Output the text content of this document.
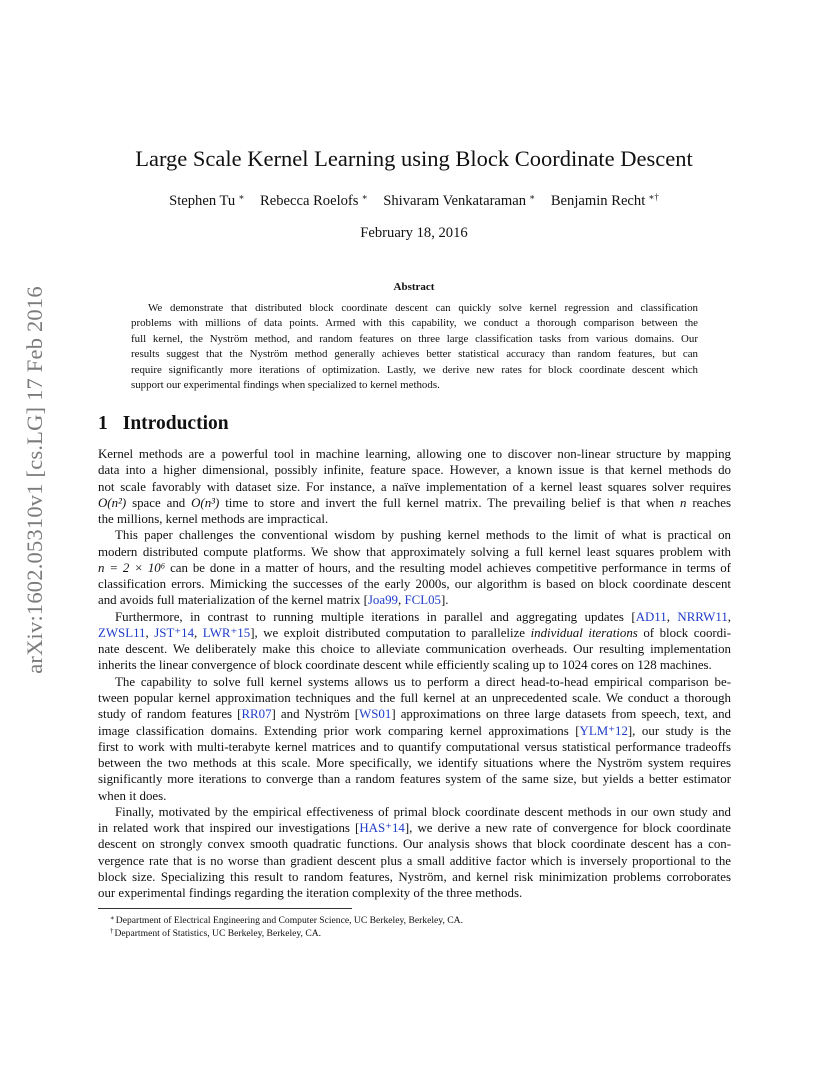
arXiv:1602.05310v1 [cs.LG] 17 Feb 2016
Large Scale Kernel Learning using Block Coordinate Descent
Stephen Tu ∗ Rebecca Roelofs ∗ Shivaram Venkataraman ∗ Benjamin Recht ∗†
February 18, 2016
Abstract
We demonstrate that distributed block coordinate descent can quickly solve kernel regression and classification
problems with millions of data points. Armed with this capability, we conduct a thorough comparison between the
full kernel, the Nyström method, and random features on three large classification tasks from various domains. Our
results suggest that the Nyström method generally achieves better statistical accuracy than random features, but can
require significantly more iterations of optimization. Lastly, we derive new rates for block coordinate descent which
support our experimental findings when specialized to kernel methods.
1 Introduction
Kernel methods are a powerful tool in machine learning, allowing one to discover non-linear structure by mapping
data into a higher dimensional, possibly infinite, feature space. However, a known issue is that kernel methods do
not scale favorably with dataset size. For instance, a naïve implementation of a kernel least squares solver requires
O(n²) space and O(n³) time to store and invert the full kernel matrix. The prevailing belief is that when n reaches
the millions, kernel methods are impractical.
This paper challenges the conventional wisdom by pushing kernel methods to the limit of what is practical on
modern distributed compute platforms. We show that approximately solving a full kernel least squares problem with
n = 2 × 10⁶ can be done in a matter of hours, and the resulting model achieves competitive performance in terms of
classification errors. Mimicking the successes of the early 2000s, our algorithm is based on block coordinate descent
and avoids full materialization of the kernel matrix [Joa99, FCL05].
Furthermore, in contrast to running multiple iterations in parallel and aggregating updates [AD11, NRRW11,
ZWSL11, JST⁺14, LWR⁺15], we exploit distributed computation to parallelize individual iterations of block coordi-
nate descent. We deliberately make this choice to alleviate communication overheads. Our resulting implementation
inherits the linear convergence of block coordinate descent while efficiently scaling up to 1024 cores on 128 machines.
The capability to solve full kernel systems allows us to perform a direct head-to-head empirical comparison be-
tween popular kernel approximation techniques and the full kernel at an unprecedented scale. We conduct a thorough
study of random features [RR07] and Nyström [WS01] approximations on three large datasets from speech, text, and
image classification domains. Extending prior work comparing kernel approximations [YLM⁺12], our study is the
first to work with multi-terabyte kernel matrices and to quantify computational versus statistical performance tradeoffs
between the two methods at this scale. More specifically, we identify situations where the Nyström system requires
significantly more iterations to converge than a random features system of the same size, but yields a better estimator
when it does.
Finally, motivated by the empirical effectiveness of primal block coordinate descent methods in our own study and
in related work that inspired our investigations [HAS⁺14], we derive a new rate of convergence for block coordinate
descent on strongly convex smooth quadratic functions. Our analysis shows that block coordinate descent has a con-
vergence rate that is no worse than gradient descent plus a small additive factor which is inversely proportional to the
block size. Specializing this result to random features, Nyström, and kernel risk minimization problems corroborates
our experimental findings regarding the iteration complexity of the three methods.
∗Department of Electrical Engineering and Computer Science, UC Berkeley, Berkeley, CA.
†Department of Statistics, UC Berkeley, Berkeley, CA.
